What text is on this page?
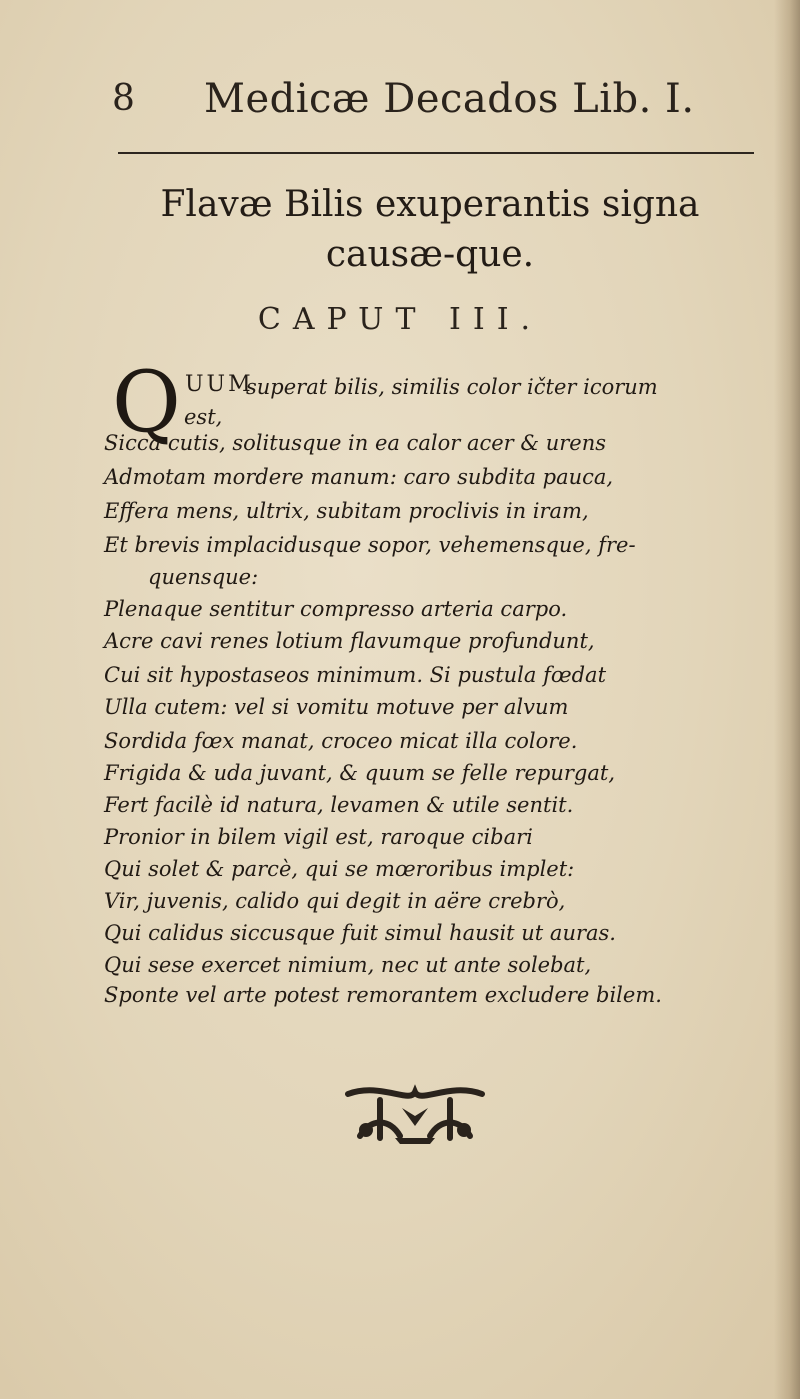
8 Medicæ Decados Lib. I.
Flavæ Bilis exuperantis signa causæ-que.
CAPUT III.
Q UUM
superat bilis, similis color ičter icorum
est,
Sicca cutis, solitusque in ea calor acer & urens
Admotam mordere manum: caro subdita pauca,
Effera mens, ultrix, subitam proclivis in iram,
Et brevis implacidusque sopor, vehemensque, fre-
quensque:
Plenaque sentitur compresso arteria carpo.
Acre cavi renes lotium flavumque profundunt,
Cui sit hypostaseos minimum. Si pustula fœdat
Ulla cutem: vel si vomitu motuve per alvum
Sordida fœx manat, croceo micat illa colore.
Frigida & uda juvant, & quum se felle repurgat,
Fert facilè id natura, levamen & utile sentit.
Pronior in bilem vigil est, raroque cibari
Qui solet & parcè, qui se mœroribus implet:
Vir, juvenis, calido qui degit in aëre crebrò,
Qui calidus siccusque fuit simul hausit ut auras.
Qui sese exercet nimium, nec ut ante solebat,
Sponte vel arte potest remorantem excludere bilem.
